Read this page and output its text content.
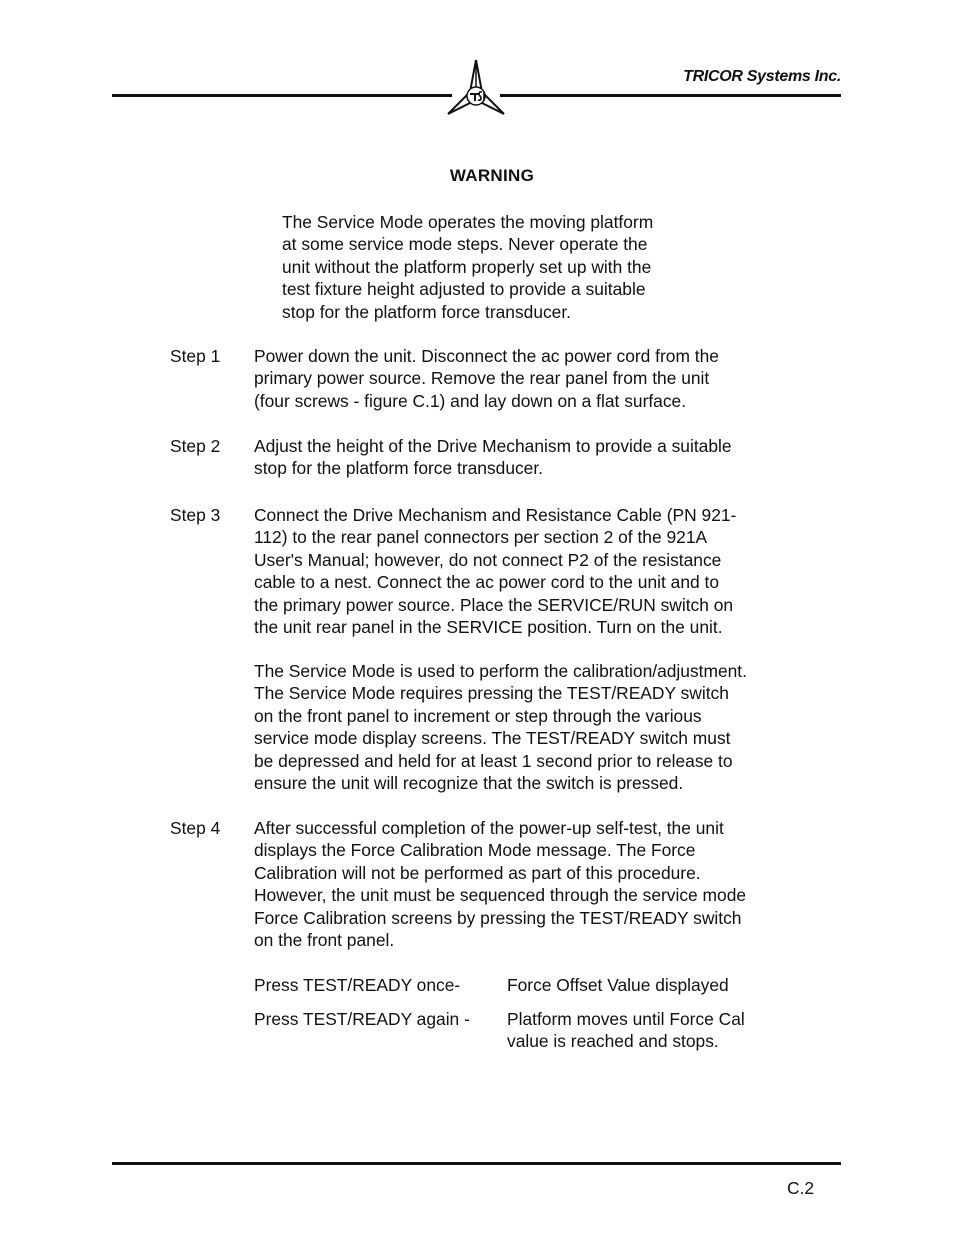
TRICOR Systems Inc.
WARNING

The Service Mode operates the moving platform

at some service mode steps. Never operate the

unit without the platform properly set up with the

test fixture height adjusted to provide a suitable

stop for the platform force transducer.

Step 1 Power down the unit. Disconnect the ac power cord from the

primary power source. Remove the rear panel from the unit

(four screws - figure C.1) and lay down on a flat surface.

Step 2 Adjust the height of the Drive Mechanism to provide a suitable

stop for the platform force transducer.

Step 3 Connect the Drive Mechanism and Resistance Cable (PN 921-

112) to the rear panel connectors per section 2 of the 921A

User's Manual; however, do not connect P2 of the resistance

cable to a nest. Connect the ac power cord to the unit and to

the primary power source. Place the SERVICE/RUN switch on

the unit rear panel in the SERVICE position. Turn on the unit.

The Service Mode is used to perform the calibration/adjustment.

The Service Mode requires pressing the TEST/READY switch

on the front panel to increment or step through the various

service mode display screens. The TEST/READY switch must

be depressed and held for at least 1 second prior to release to

ensure the unit will recognize that the switch is pressed.

Step 4 After successful completion of the power-up self-test, the unit

displays the Force Calibration Mode message. The Force

Calibration will not be performed as part of this procedure.

However, the unit must be sequenced through the service mode

Force Calibration screens by pressing the TEST/READY switch

on the front panel.

Press TEST/READY once-	Force Offset Value displayed
Press TEST/READY again - Platform moves until Force Cal
value is reached and stops.
C.2
